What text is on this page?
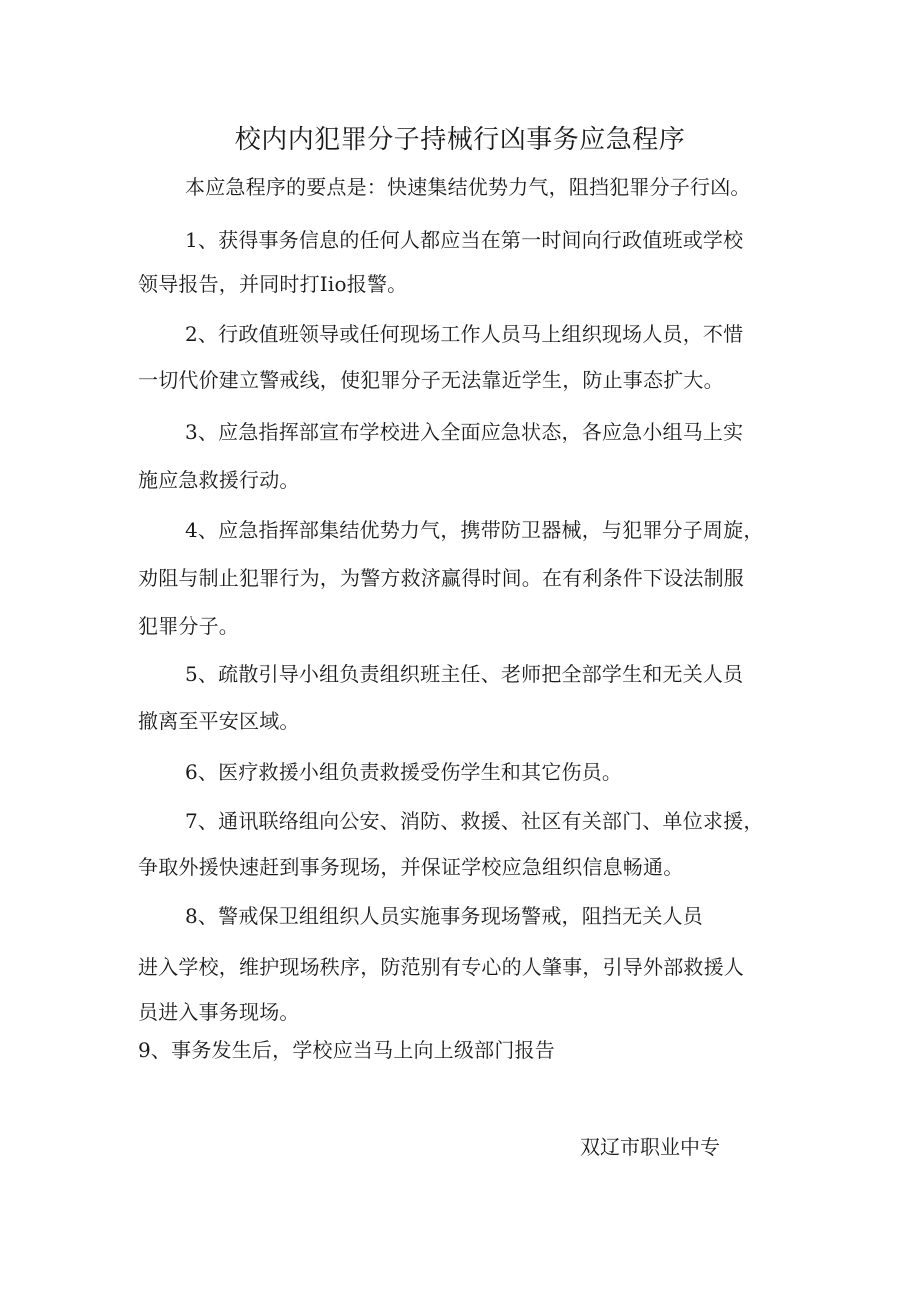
校内内犯罪分子持械行凶事务应急程序
本应急程序的要点是：快速集结优势力气，阻挡犯罪分子行凶。
1、获得事务信息的任何人都应当在第一时间向行政值班或学校
领导报告，并同时打Iio报警。
2、行政值班领导或任何现场工作人员马上组织现场人员，不惜
一切代价建立警戒线，使犯罪分子无法靠近学生，防止事态扩大。
3、应急指挥部宣布学校进入全面应急状态，各应急小组马上实
施应急救援行动。
4、应急指挥部集结优势力气，携带防卫器械，与犯罪分子周旋，
劝阻与制止犯罪行为，为警方救济赢得时间。在有利条件下设法制服
犯罪分子。
5、疏散引导小组负责组织班主任、老师把全部学生和无关人员
撤离至平安区域。
6、医疗救援小组负责救援受伤学生和其它伤员。
7、通讯联络组向公安、消防、救援、社区有关部门、单位求援，
争取外援快速赶到事务现场，并保证学校应急组织信息畅通。
8、警戒保卫组组织人员实施事务现场警戒，阻挡无关人员
进入学校，维护现场秩序，防范别有专心的人肇事，引导外部救援人
员进入事务现场。
9、事务发生后，学校应当马上向上级部门报告
双辽市职业中专
